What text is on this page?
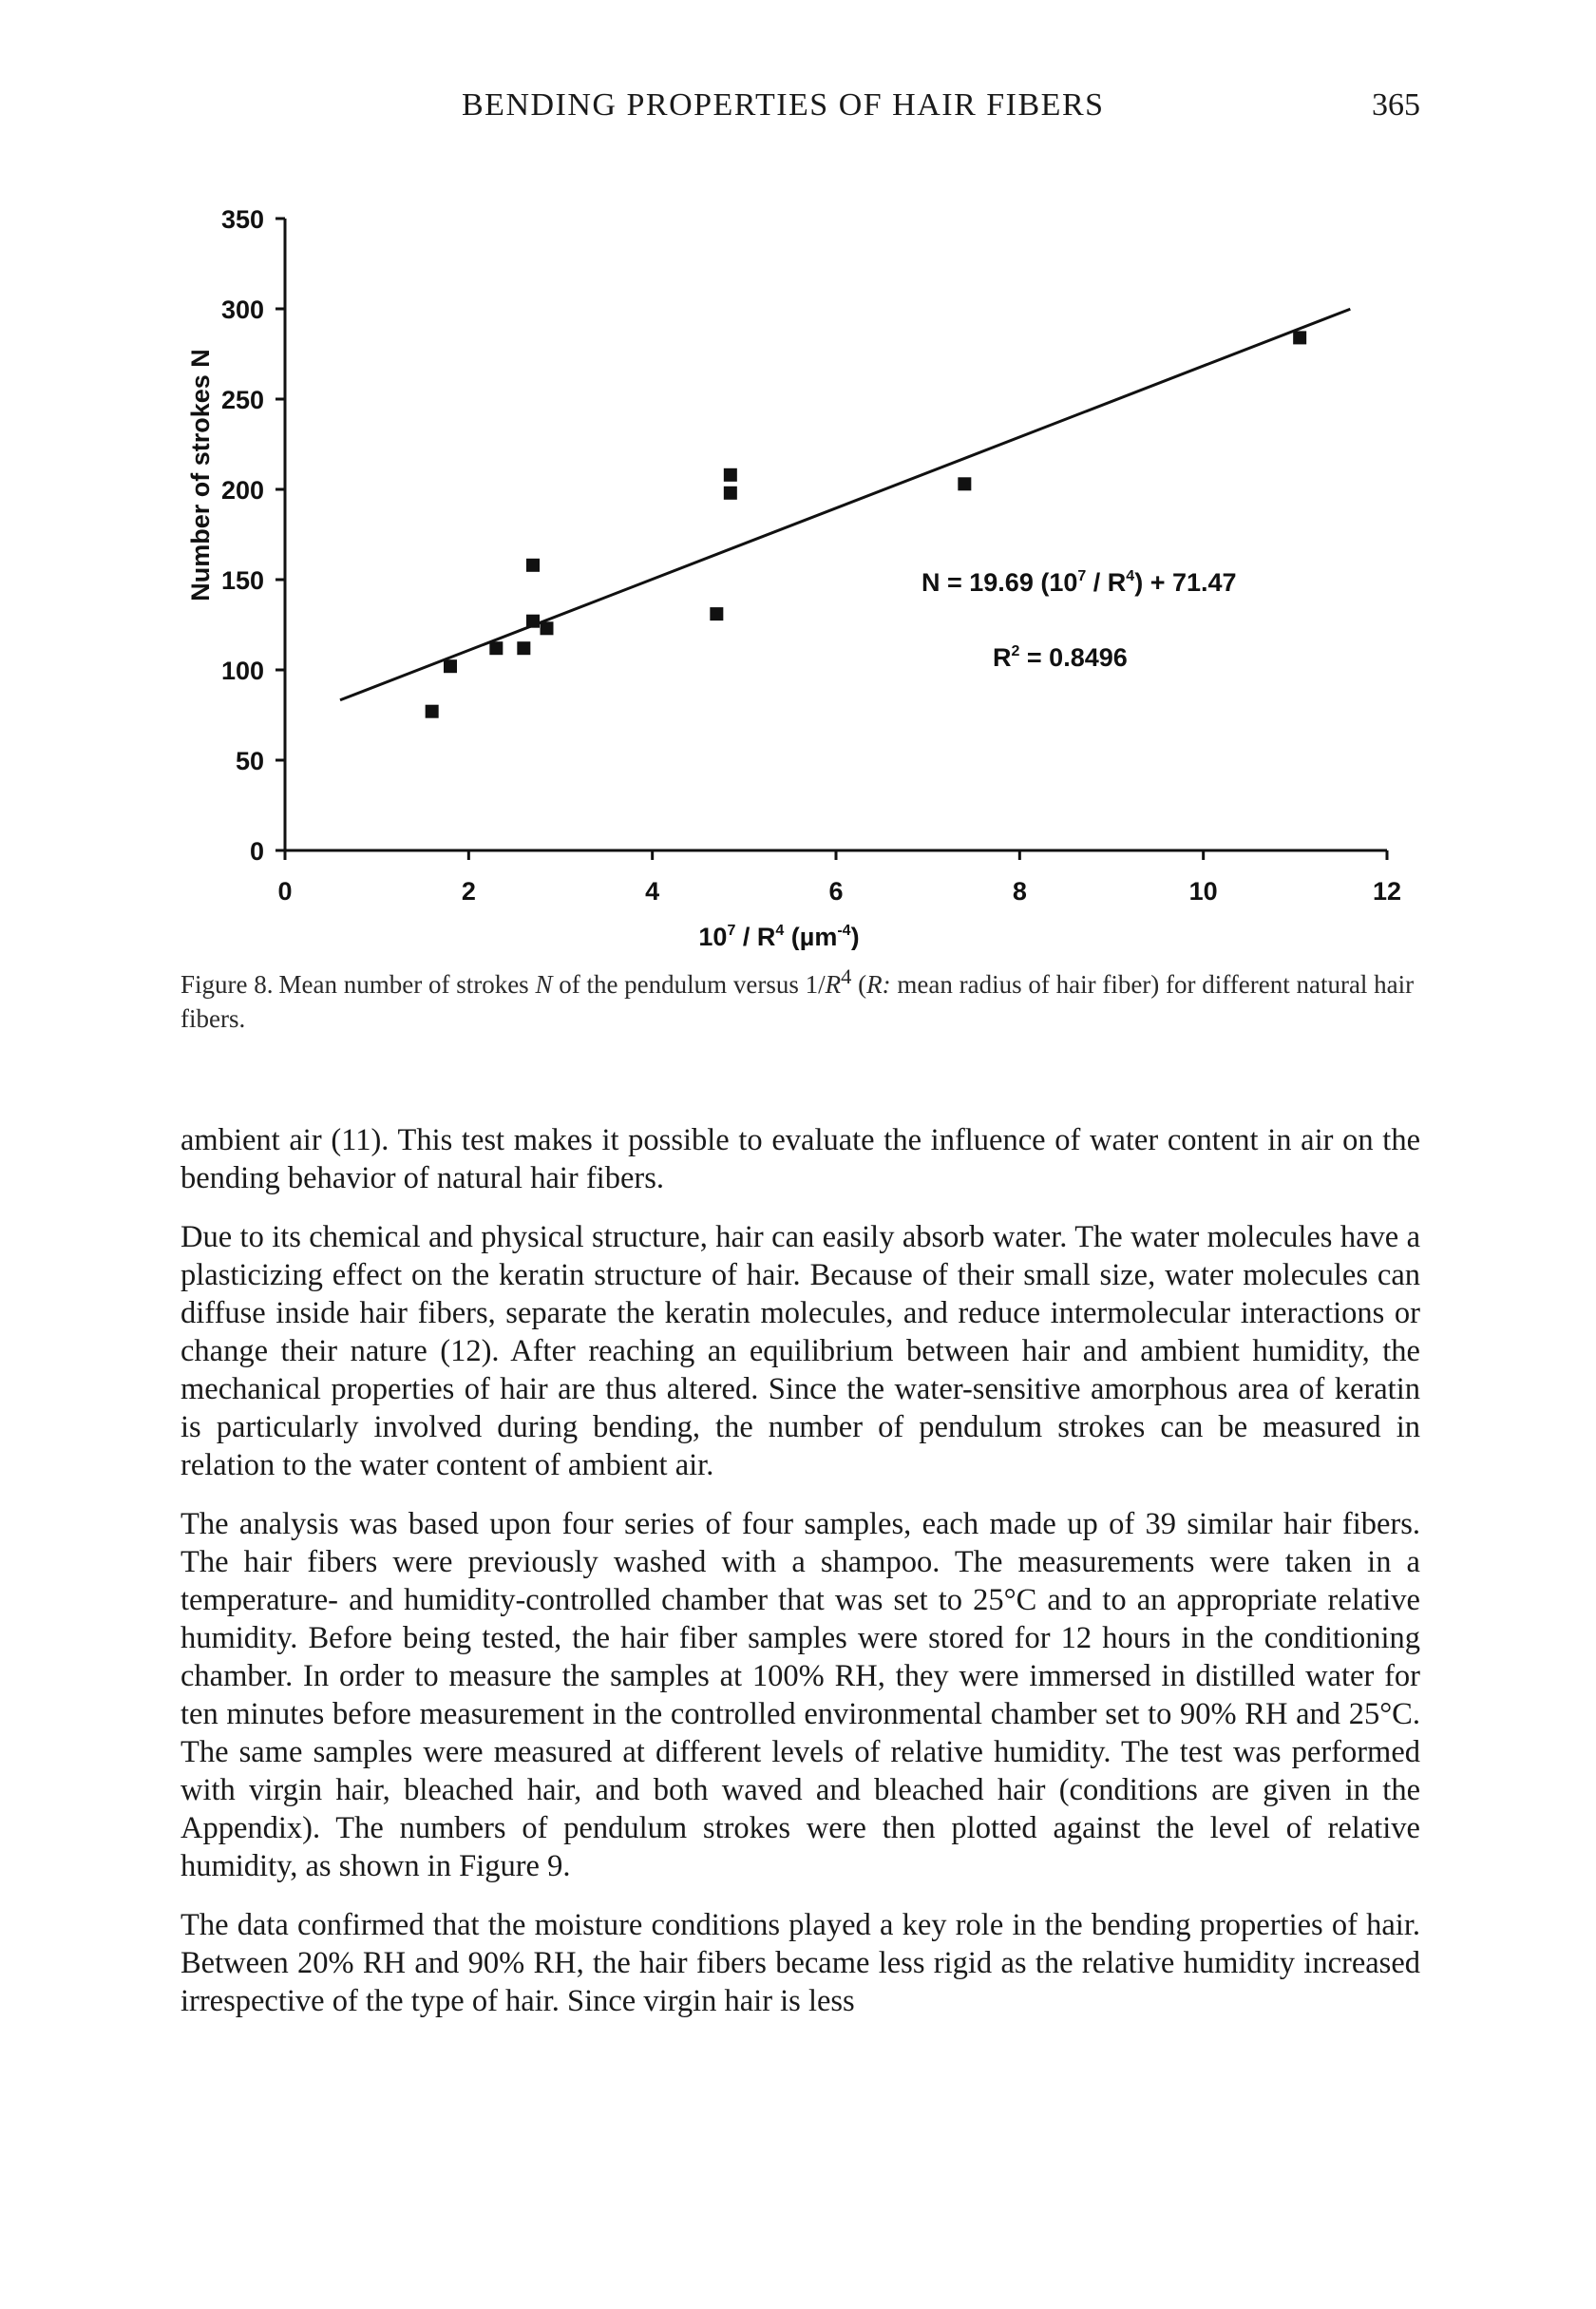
BENDING PROPERTIES OF HAIR FIBERS	365
0
50
100
150
200
250
300
350
0	2	4	6	8	10	12
Number of strokes N
$10^7 / R^4$ (µm$^{-4}$)
N = 19.69 $(10^7 / R^4) + 71.47$
$R^2 = 0.8496$
Figure 8. Mean number of strokes N of the pendulum versus $1/R^4$ (R: mean radius of hair fiber) for different natural hair fibers.

ambient air (11). This test makes it possible to evaluate the influence of water content in air on the bending behavior of natural hair fibers.

Due to its chemical and physical structure, hair can easily absorb water. The water molecules have a plasticizing effect on the keratin structure of hair. Because of their small size, water molecules can diffuse inside hair fibers, separate the keratin molecules, and reduce intermolecular interactions or change their nature (12). After reaching an equilibrium between hair and ambient humidity, the mechanical properties of hair are thus altered. Since the water-sensitive amorphous area of keratin is particularly involved during bending, the number of pendulum strokes can be measured in relation to the water content of ambient air.

The analysis was based upon four series of four samples, each made up of 39 similar hair fibers. The hair fibers were previously washed with a shampoo. The measurements were taken in a temperature- and humidity-controlled chamber that was set to 25°C and to an appropriate relative humidity. Before being tested, the hair fiber samples were stored for 12 hours in the conditioning chamber. In order to measure the samples at 100% RH, they were immersed in distilled water for ten minutes before measurement in the controlled environmental chamber set to 90% RH and 25°C. The same samples were measured at different levels of relative humidity. The test was performed with virgin hair, bleached hair, and both waved and bleached hair (conditions are given in the Appendix). The numbers of pendulum strokes were then plotted against the level of relative humidity, as shown in Figure 9.

The data confirmed that the moisture conditions played a key role in the bending properties of hair. Between 20% RH and 90% RH, the hair fibers became less rigid as the relative humidity increased irrespective of the type of hair. Since virgin hair is less
